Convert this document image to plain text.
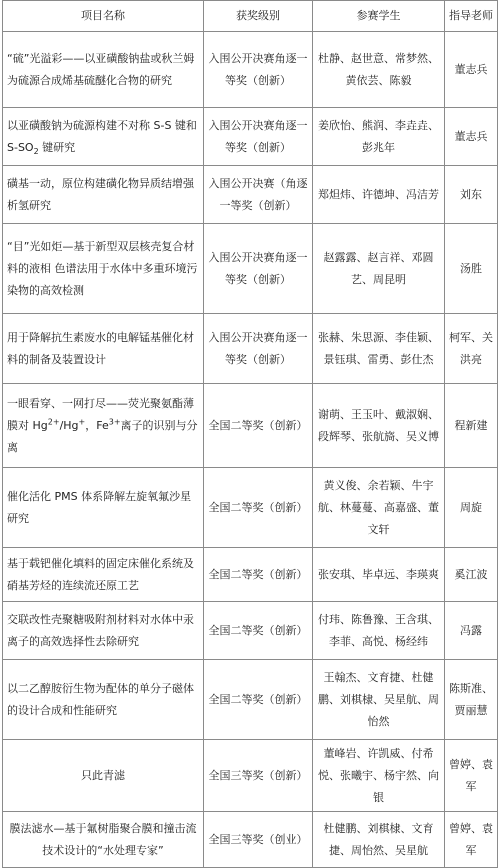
项目名称	获奖级别	参赛学生	指导老师
“硫”光溢彩——以亚磺酸钠盐或秋兰姆为硫源合成烯基硫醚化合物的研究	入围公开决赛角逐一等奖（创新）	杜静、赵世意、常梦然、黄依芸、陈毅	董志兵
以亚磺酸钠为硫源构建不对称 S-S 键和 $S-SO_2$ 键研究	入围公开决赛角逐一等奖（创新）	姜欣怡、熊润、李垚垚、彭兆年	董志兵
磺基一动，原位构建磺化物异质结增强析氢研究	入围公开决赛（角逐一等奖（创新）	郑炟炜、许德坤、冯洁芳	刘东
“目”光如炬—基于新型双层核壳复合材料的液相 色谱法用于水体中多重环境污染物的高效检测	入围公开决赛角逐一等奖（创新）	赵露露、赵言祥、邓圆艺、周昆明	汤胜
用于降解抗生素废水的电解锰基催化材料的制备及装置设计	入围公开决赛角逐一等奖（创新）	张赫、朱思源、李佳颖、景钰琪、雷勇、彭仕杰	柯军、关洪亮
一眼看穿、一网打尽——荧光聚氨酯薄膜对 $Hg^{2+}/Hg^+$，$Fe^{3+}$离子的识别与分离	全国二等奖（创新）	谢萌、王玉叶、戴淑娴、段辉琴、张航旖、吴义博	程新建
催化活化 PMS 体系降解左旋氧氟沙星研究	全国二等奖（创新）	黄义俊、余若颖、牛宇航、林蔓蔓、高嘉盛、董文轩	周旋
基于载钯催化填料的固定床催化系统及硝基芳烃的连续流还原工艺	全国二等奖（创新）	张安琪、毕卓远、李瑛爽	奚江波
交联改性壳聚糖吸附剂材料对水体中汞离子的高效选择性去除研究	全国二等奖（创新）	付玮、陈鲁豫、王含琪、李菲、高悦、杨经纬	冯露
以二乙醇胺衍生物为配体的单分子磁体的设计合成和性能研究	全国二等奖（创新）	王翰杰、文育捷、杜健鹏、刘棋棣、吴星航、周怡然	陈斯准、贾丽慧
只此青滤	全国三等奖（创新）	董峰岩、许凯威、付希悦、张曦宇、杨宇然、向银	曾婷、袁军
膜法滤水—基于氟树脂聚合膜和撞击流技术设计的“水处理专家”	全国三等奖（创业）	杜健鹏、刘棋棣、文育捷、周怡然、吴星航	曾婷、袁军
